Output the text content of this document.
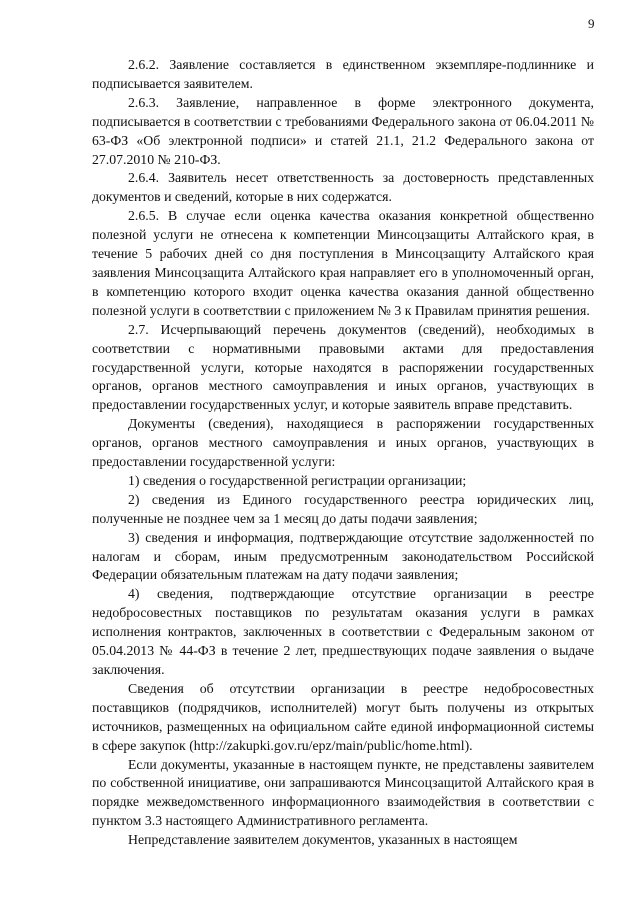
9

2.6.2. Заявление составляется в единственном экземпляре-подлиннике и подписывается заявителем.

2.6.3. Заявление, направленное в форме электронного документа, подписывается в соответствии с требованиями Федерального закона от 06.04.2011 № 63-ФЗ «Об электронной подписи» и статей 21.1, 21.2 Федерального закона от 27.07.2010 № 210-ФЗ.

2.6.4. Заявитель несет ответственность за достоверность представленных документов и сведений, которые в них содержатся.

2.6.5. В случае если оценка качества оказания конкретной общественно полезной услуги не отнесена к компетенции Минсоцзащиты Алтайского края, в течение 5 рабочих дней со дня поступления в Минсоцзащиту Алтайского края заявления Минсоцзащита Алтайского края направляет его в уполномоченный орган, в компетенцию которого входит оценка качества оказания данной общественно полезной услуги в соответствии с приложением № 3 к Правилам принятия решения.

2.7. Исчерпывающий перечень документов (сведений), необходимых в соответствии с нормативными правовыми актами для предоставления государственной услуги, которые находятся в распоряжении государственных органов, органов местного самоуправления и иных органов, участвующих в предоставлении государственных услуг, и которые заявитель вправе представить.

Документы (сведения), находящиеся в распоряжении государственных органов, органов местного самоуправления и иных органов, участвующих в предоставлении государственной услуги:

1) сведения о государственной регистрации организации;

2) сведения из Единого государственного реестра юридических лиц, полученные не позднее чем за 1 месяц до даты подачи заявления;

3) сведения и информация, подтверждающие отсутствие задолженностей по налогам и сборам, иным предусмотренным законодательством Российской Федерации обязательным платежам на дату подачи заявления;

4) сведения, подтверждающие отсутствие организации в реестре недобросовестных поставщиков по результатам оказания услуги в рамках исполнения контрактов, заключенных в соответствии с Федеральным законом от 05.04.2013 № 44-ФЗ в течение 2 лет, предшествующих подаче заявления о выдаче заключения.

Сведения об отсутствии организации в реестре недобросовестных поставщиков (подрядчиков, исполнителей) могут быть получены из открытых источников, размещенных на официальном сайте единой информационной системы в сфере закупок (http://zakupki.gov.ru/epz/main/public/home.html).

Если документы, указанные в настоящем пункте, не представлены заявителем по собственной инициативе, они запрашиваются Минсоцзащитой Алтайского края в порядке межведомственного информационного взаимодействия в соответствии с пунктом 3.3 настоящего Административного регламента.

Непредставление заявителем документов, указанных в настоящем
